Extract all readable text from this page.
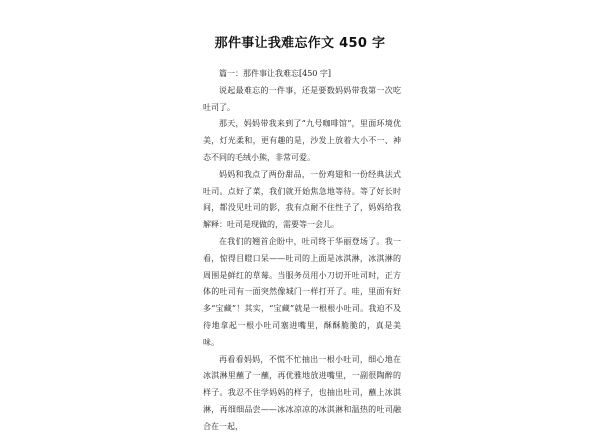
那件事让我难忘作文 450 字

篇一：那件事让我难忘[450 字]

说起最难忘的一件事，还是要数妈妈带我第一次吃吐司了。

那天，妈妈带我来到了“九号咖啡馆”，里面环境优美，灯光柔和，更有趣的是，沙发上放着大小不一、神态不同的毛绒小熊，非常可爱。

妈妈和我点了两份甜品，一份鸡翅和一份经典法式吐司。点好了菜，我们就开始焦急地等待。等了好长时间，都没见吐司的影，我有点耐不住性子了，妈妈给我解释：吐司是现做的，需要等一会儿。

在我们的翘首企盼中，吐司终于华丽登场了。我一看，惊得目瞪口呆——吐司的上面是冰淇淋，冰淇淋的周围是鲜红的草莓。当服务员用小刀切开吐司时，正方体的吐司有一面突然像城门一样打开了。哇，里面有好多“宝藏”！其实，“宝藏”就是一根根小吐司。我迫不及待地拿起一根小吐司塞进嘴里，酥酥脆脆的，真是美味。

再看看妈妈，不慌不忙抽出一根小吐司，细心地在冰淇淋里蘸了一蘸，再优雅地放进嘴里，一副很陶醉的样子。我忍不住学妈妈的样子，也抽出吐司，蘸上冰淇淋，再细细品尝——冰冰凉凉的冰淇淋和温热的吐司融合在一起，
